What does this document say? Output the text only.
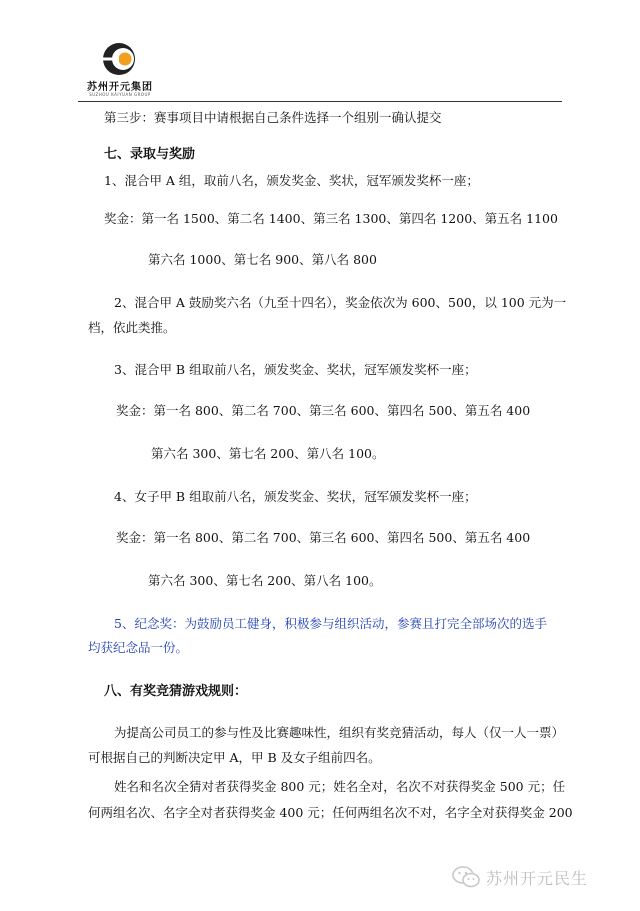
苏州开元集团
SUZHOU KAIYUAN GROUP
第三步：赛事项目中请根据自己条件选择一个组别一确认提交
七、录取与奖励
1、混合甲 A 组，取前八名，颁发奖金、奖状，冠军颁发奖杯一座；
奖金：第一名 1500、第二名 1400、第三名 1300、第四名 1200、第五名 1100
第六名 1000、第七名 900、第八名 800
2、混合甲 A 鼓励奖六名（九至十四名），奖金依次为 600、500，以 100 元为一
档，依此类推。
3、混合甲 B 组取前八名，颁发奖金、奖状，冠军颁发奖杯一座；
奖金：第一名 800、第二名 700、第三名 600、第四名 500、第五名 400
第六名 300、第七名 200、第八名 100。
4、女子甲 B 组取前八名，颁发奖金、奖状，冠军颁发奖杯一座；
奖金：第一名 800、第二名 700、第三名 600、第四名 500、第五名 400
第六名 300、第七名 200、第八名 100。
5、纪念奖：为鼓励员工健身，积极参与组织活动，参赛且打完全部场次的选手
均获纪念品一份。
八、有奖竞猜游戏规则：
为提高公司员工的参与性及比赛趣味性，组织有奖竞猜活动，每人（仅一人一票）
可根据自己的判断决定甲 A，甲 B 及女子组前四名。
姓名和名次全猜对者获得奖金 800 元；姓名全对，名次不对获得奖金 500 元；任
何两组名次、名字全对者获得奖金 400 元；任何两组名次不对，名字全对获得奖金 200
苏州开元民生
